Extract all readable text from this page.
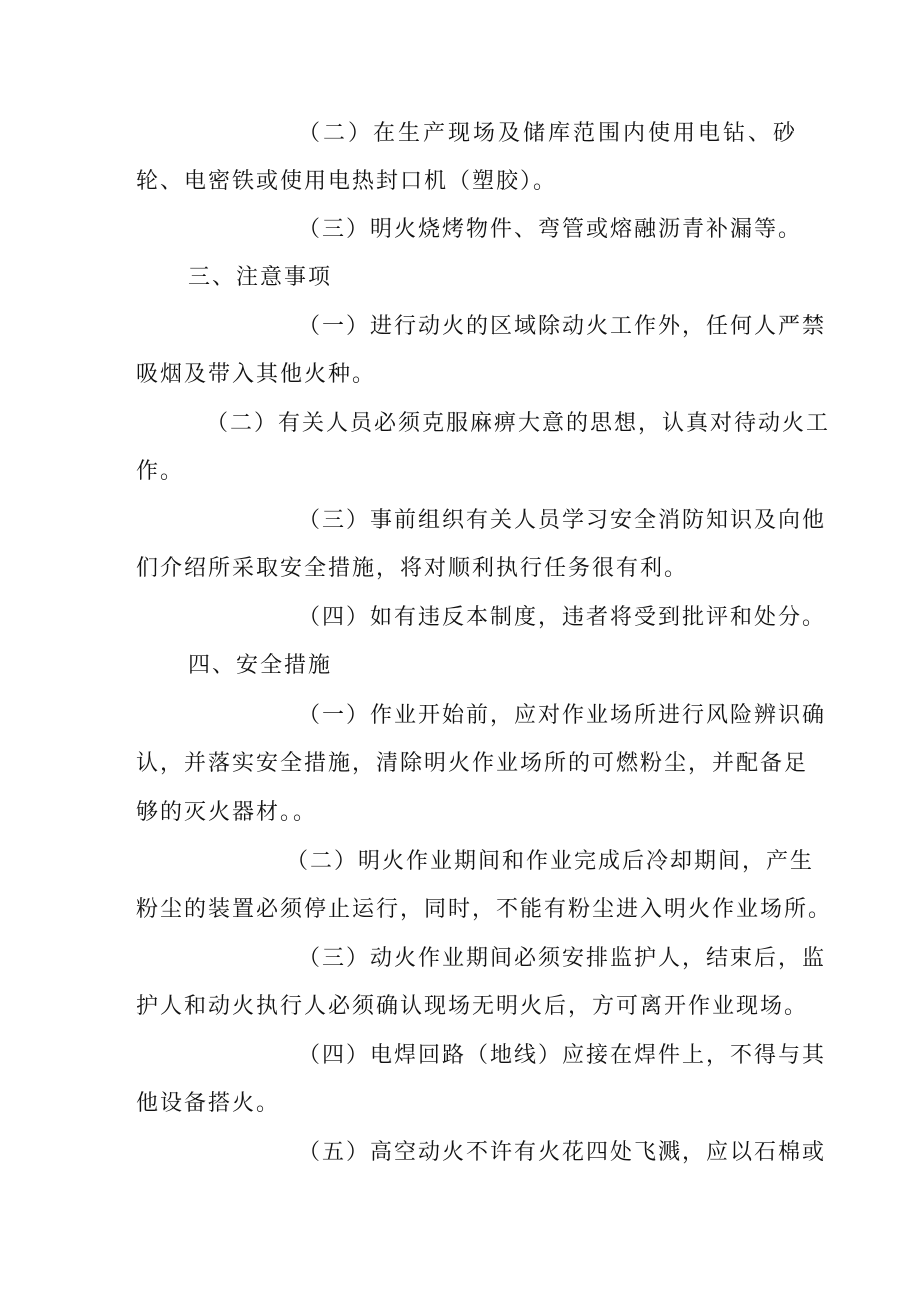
（二）在生产现场及储库范围内使用电钻、砂
轮、电密铁或使用电热封口机（塑胶）。
（三）明火烧烤物件、弯管或熔融沥青补漏等。
三、注意事项
（一）进行动火的区域除动火工作外，任何人严禁
吸烟及带入其他火种。
（二）有关人员必须克服麻痹大意的思想，认真对待动火工
作。
（三）事前组织有关人员学习安全消防知识及向他
们介绍所采取安全措施，将对顺利执行任务很有利。
（四）如有违反本制度，违者将受到批评和处分。
四、安全措施
（一）作业开始前，应对作业场所进行风险辨识确
认，并落实安全措施，清除明火作业场所的可燃粉尘，并配备足
够的灭火器材。。
（二）明火作业期间和作业完成后冷却期间，产生
粉尘的装置必须停止运行，同时，不能有粉尘进入明火作业场所。
（三）动火作业期间必须安排监护人，结束后，监
护人和动火执行人必须确认现场无明火后，方可离开作业现场。
（四）电焊回路（地线）应接在焊件上，不得与其
他设备搭火。
（五）高空动火不许有火花四处飞溅，应以石棉或
